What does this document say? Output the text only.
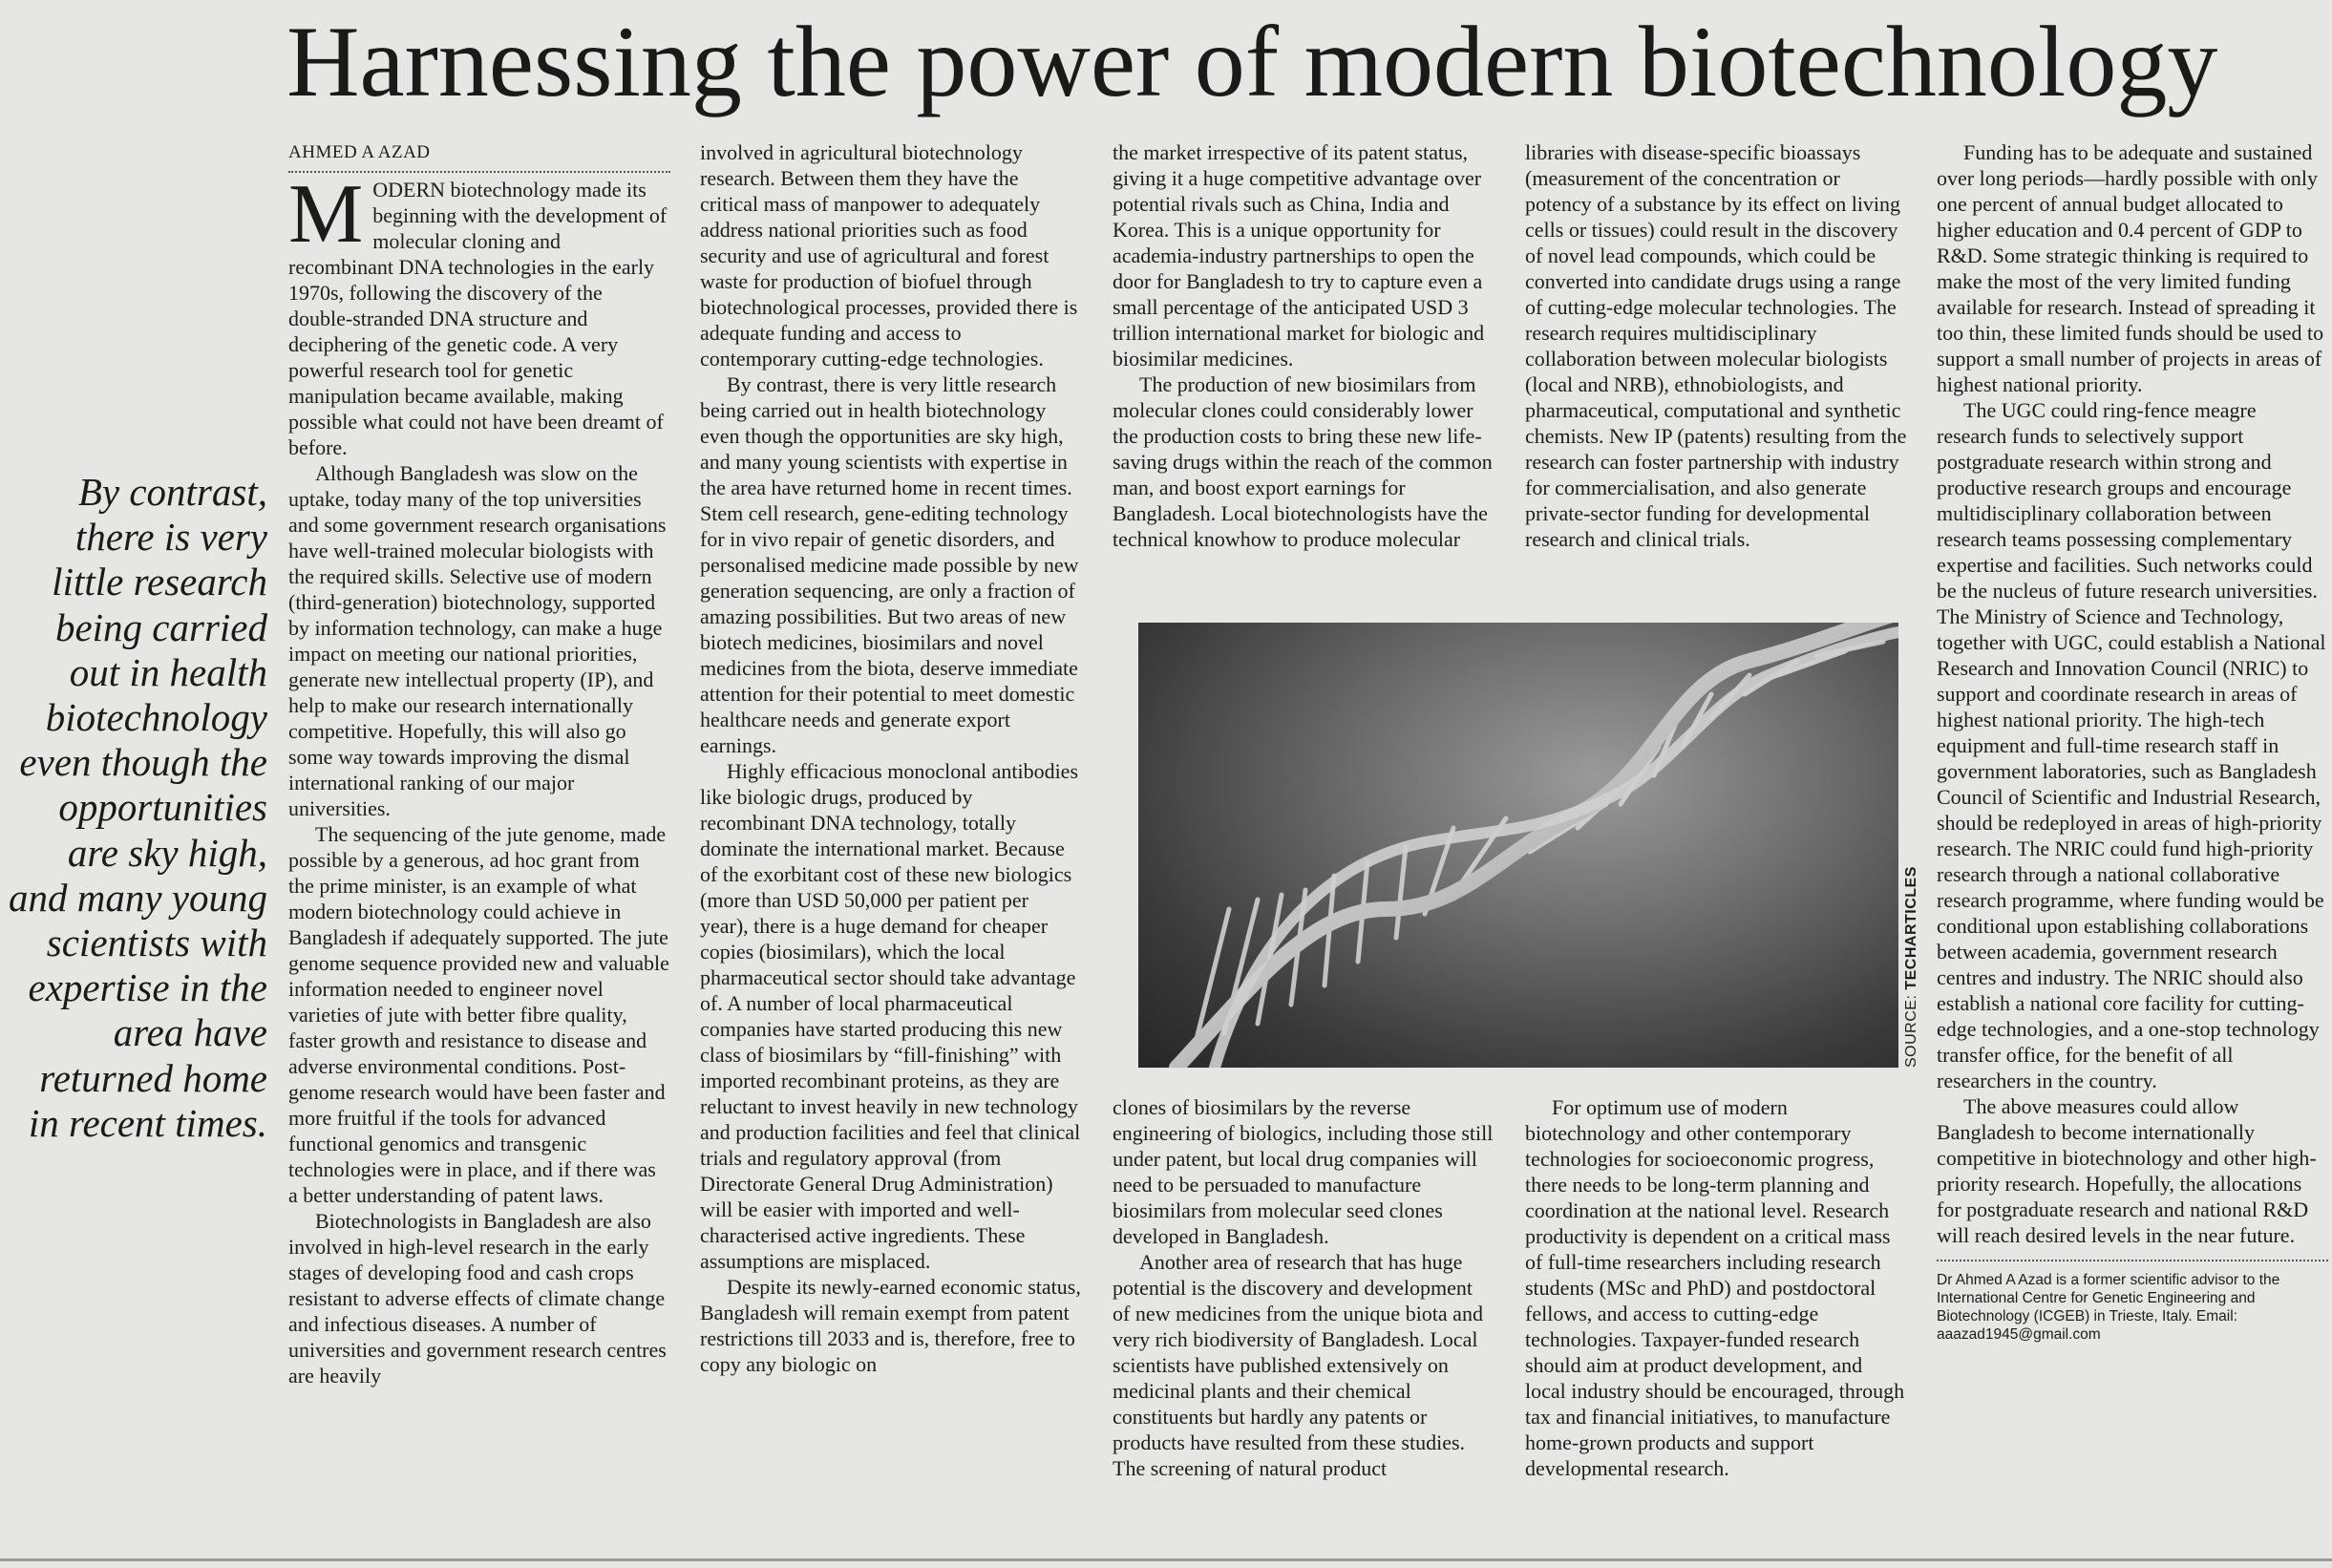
Harnessing the power of modern biotechnology
By contrast, there is very little research being carried out in health biotechnology even though the opportunities are sky high, and many young scientists with expertise in the area have returned home in recent times.
AHMED A AZAD

MODERN biotechnology made its beginning with the development of molecular cloning and recombinant DNA technologies in the early 1970s, following the discovery of the double-stranded DNA structure and deciphering of the genetic code. A very powerful research tool for genetic manipulation became available, making possible what could not have been dreamt of before.

Although Bangladesh was slow on the uptake, today many of the top universities and some government research organisations have well-trained molecular biologists with the required skills. Selective use of modern (third-generation) biotechnology, supported by information technology, can make a huge impact on meeting our national priorities, generate new intellectual property (IP), and help to make our research internationally competitive. Hopefully, this will also go some way towards improving the dismal international ranking of our major universities.

The sequencing of the jute genome, made possible by a generous, ad hoc grant from the prime minister, is an example of what modern biotechnology could achieve in Bangladesh if adequately supported. The jute genome sequence provided new and valuable information needed to engineer novel varieties of jute with better fibre quality, faster growth and resistance to disease and adverse environmental conditions. Post-genome research would have been faster and more fruitful if the tools for advanced functional genomics and transgenic technologies were in place, and if there was a better understanding of patent laws.

Biotechnologists in Bangladesh are also involved in high-level research in the early stages of developing food and cash crops resistant to adverse effects of climate change and infectious diseases. A number of universities and government research centres are heavily

involved in agricultural biotechnology research. Between them they have the critical mass of manpower to adequately address national priorities such as food security and use of agricultural and forest waste for production of biofuel through biotechnological processes, provided there is adequate funding and access to contemporary cutting-edge technologies.

By contrast, there is very little research being carried out in health biotechnology even though the opportunities are sky high, and many young scientists with expertise in the area have returned home in recent times. Stem cell research, gene-editing technology for in vivo repair of genetic disorders, and personalised medicine made possible by new generation sequencing, are only a fraction of amazing possibilities. But two areas of new biotech medicines, biosimilars and novel medicines from the biota, deserve immediate attention for their potential to meet domestic healthcare needs and generate export earnings.

Highly efficacious monoclonal antibodies like biologic drugs, produced by recombinant DNA technology, totally dominate the international market. Because of the exorbitant cost of these new biologics (more than USD 50,000 per patient per year), there is a huge demand for cheaper copies (biosimilars), which the local pharmaceutical sector should take advantage of. A number of local pharmaceutical companies have started producing this new class of biosimilars by “fill-finishing” with imported recombinant proteins, as they are reluctant to invest heavily in new technology and production facilities and feel that clinical trials and regulatory approval (from Directorate General Drug Administration) will be easier with imported and well-characterised active ingredients. These assumptions are misplaced.

Despite its newly-earned economic status, Bangladesh will remain exempt from patent restrictions till 2033 and is, therefore, free to copy any biologic on

the market irrespective of its patent status, giving it a huge competitive advantage over potential rivals such as China, India and Korea. This is a unique opportunity for academia-industry partnerships to open the door for Bangladesh to try to capture even a small percentage of the anticipated USD 3 trillion international market for biologic and biosimilar medicines.

The production of new biosimilars from molecular clones could considerably lower the production costs to bring these new life-saving drugs within the reach of the common man, and boost export earnings for Bangladesh. Local biotechnologists have the technical knowhow to produce molecular

libraries with disease-specific bioassays (measurement of the concentration or potency of a substance by its effect on living cells or tissues) could result in the discovery of novel lead compounds, which could be converted into candidate drugs using a range of cutting-edge molecular technologies. The research requires multidisciplinary collaboration between molecular biologists (local and NRB), ethnobiologists, and pharmaceutical, computational and synthetic chemists. New IP (patents) resulting from the research can foster partnership with industry for commercialisation, and also generate private-sector funding for developmental research and clinical trials.

SOURCE: TECHARTICLES

clones of biosimilars by the reverse engineering of biologics, including those still under patent, but local drug companies will need to be persuaded to manufacture biosimilars from molecular seed clones developed in Bangladesh.

Another area of research that has huge potential is the discovery and development of new medicines from the unique biota and very rich biodiversity of Bangladesh. Local scientists have published extensively on medicinal plants and their chemical constituents but hardly any patents or products have resulted from these studies. The screening of natural product

For optimum use of modern biotechnology and other contemporary technologies for socioeconomic progress, there needs to be long-term planning and coordination at the national level. Research productivity is dependent on a critical mass of full-time researchers including research students (MSc and PhD) and postdoctoral fellows, and access to cutting-edge technologies. Taxpayer-funded research should aim at product development, and local industry should be encouraged, through tax and financial initiatives, to manufacture home-grown products and support developmental research.

Funding has to be adequate and sustained over long periods—hardly possible with only one percent of annual budget allocated to higher education and 0.4 percent of GDP to R&D. Some strategic thinking is required to make the most of the very limited funding available for research. Instead of spreading it too thin, these limited funds should be used to support a small number of projects in areas of highest national priority.

The UGC could ring-fence meagre research funds to selectively support postgraduate research within strong and productive research groups and encourage multidisciplinary collaboration between research teams possessing complementary expertise and facilities. Such networks could be the nucleus of future research universities. The Ministry of Science and Technology, together with UGC, could establish a National Research and Innovation Council (NRIC) to support and coordinate research in areas of highest national priority. The high-tech equipment and full-time research staff in government laboratories, such as Bangladesh Council of Scientific and Industrial Research, should be redeployed in areas of high-priority research. The NRIC could fund high-priority research through a national collaborative research programme, where funding would be conditional upon establishing collaborations between academia, government research centres and industry. The NRIC should also establish a national core facility for cutting-edge technologies, and a one-stop technology transfer office, for the benefit of all researchers in the country.

The above measures could allow Bangladesh to become internationally competitive in biotechnology and other high-priority research. Hopefully, the allocations for postgraduate research and national R&D will reach desired levels in the near future.

Dr Ahmed A Azad is a former scientific advisor to the International Centre for Genetic Engineering and Biotechnology (ICGEB) in Trieste, Italy. Email: aaazad1945@gmail.com
